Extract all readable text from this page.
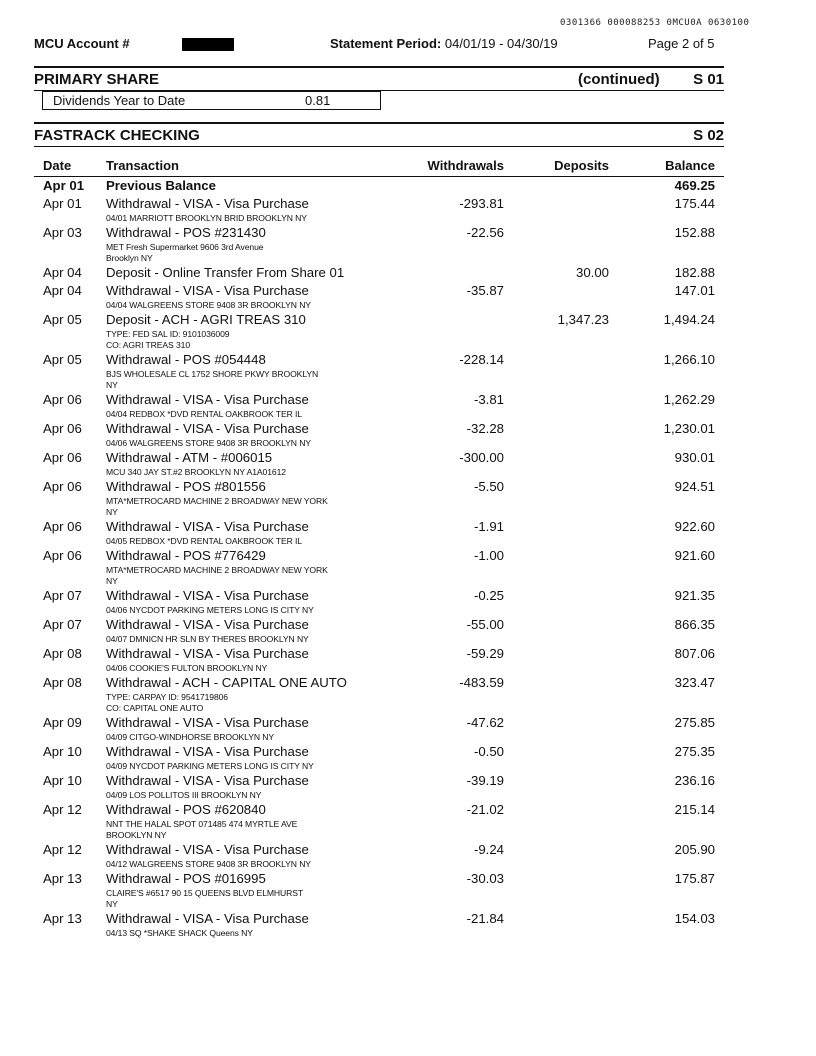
0301366 000088253 0MCU0A 0630100
MCU Account #	Statement Period: 04/01/19 - 04/30/19	Page 2 of 5
PRIMARY SHARE	(continued) S 01
Dividends Year to Date	0.81
FASTRACK CHECKING	S 02
Date	Transaction	Withdrawals	Deposits	Balance
Apr 01 Previous Balance	469.25
Apr 01 Withdrawal - VISA - Visa Purchase	-293.81	175.44
04/01 MARRIOTT BROOKLYN BRID BROOKLYN NY
Apr 03 Withdrawal - POS #231430	-22.56	152.88
MET Fresh Supermarket 9606 3rd Avenue
Brooklyn NY
Apr 04 Deposit - Online Transfer From Share 01	30.00	182.88
Apr 04 Withdrawal - VISA - Visa Purchase	-35.87	147.01
04/04 WALGREENS STORE 9408 3R BROOKLYN NY
Apr 05 Deposit - ACH - AGRI TREAS 310	1,347.23	1,494.24
TYPE: FED SAL ID: 9101036009
CO: AGRI TREAS 310
Apr 05 Withdrawal - POS #054448	-228.14	1,266.10
BJS WHOLESALE CL 1752 SHORE PKWY BROOKLYN
NY
Apr 06 Withdrawal - VISA - Visa Purchase	-3.81	1,262.29
04/04 REDBOX *DVD RENTAL OAKBROOK TER IL
Apr 06 Withdrawal - VISA - Visa Purchase	-32.28	1,230.01
04/06 WALGREENS STORE 9408 3R BROOKLYN NY
Apr 06 Withdrawal - ATM - #006015	-300.00	930.01
MCU 340 JAY ST.#2 BROOKLYN NY A1A01612
Apr 06 Withdrawal - POS #801556	-5.50	924.51
MTA*METROCARD MACHINE 2 BROADWAY NEW YORK
NY
Apr 06 Withdrawal - VISA - Visa Purchase	-1.91	922.60
04/05 REDBOX *DVD RENTAL OAKBROOK TER IL
Apr 06 Withdrawal - POS #776429	-1.00	921.60
MTA*METROCARD MACHINE 2 BROADWAY NEW YORK
NY
Apr 07 Withdrawal - VISA - Visa Purchase	-0.25	921.35
04/06 NYCDOT PARKING METERS LONG IS CITY NY
Apr 07 Withdrawal - VISA - Visa Purchase	-55.00	866.35
04/07 DMNICN HR SLN BY THERES BROOKLYN NY
Apr 08 Withdrawal - VISA - Visa Purchase	-59.29	807.06
04/06 COOKIE'S FULTON BROOKLYN NY
Apr 08 Withdrawal - ACH - CAPITAL ONE AUTO	-483.59	323.47
TYPE: CARPAY ID: 9541719806
CO: CAPITAL ONE AUTO
Apr 09 Withdrawal - VISA - Visa Purchase	-47.62	275.85
04/09 CITGO-WINDHORSE BROOKLYN NY
Apr 10 Withdrawal - VISA - Visa Purchase	-0.50	275.35
04/09 NYCDOT PARKING METERS LONG IS CITY NY
Apr 10 Withdrawal - VISA - Visa Purchase	-39.19	236.16
04/09 LOS POLLITOS III BROOKLYN NY
Apr 12 Withdrawal - POS #620840	-21.02	215.14
NNT THE HALAL SPOT 071485 474 MYRTLE AVE
BROOKLYN NY
Apr 12 Withdrawal - VISA - Visa Purchase	-9.24	205.90
04/12 WALGREENS STORE 9408 3R BROOKLYN NY
Apr 13 Withdrawal - POS #016995	-30.03	175.87
CLAIRE'S #6517 90 15 QUEENS BLVD ELMHURST
NY
Apr 13 Withdrawal - VISA - Visa Purchase	-21.84	154.03
04/13 SQ *SHAKE SHACK Queens NY
